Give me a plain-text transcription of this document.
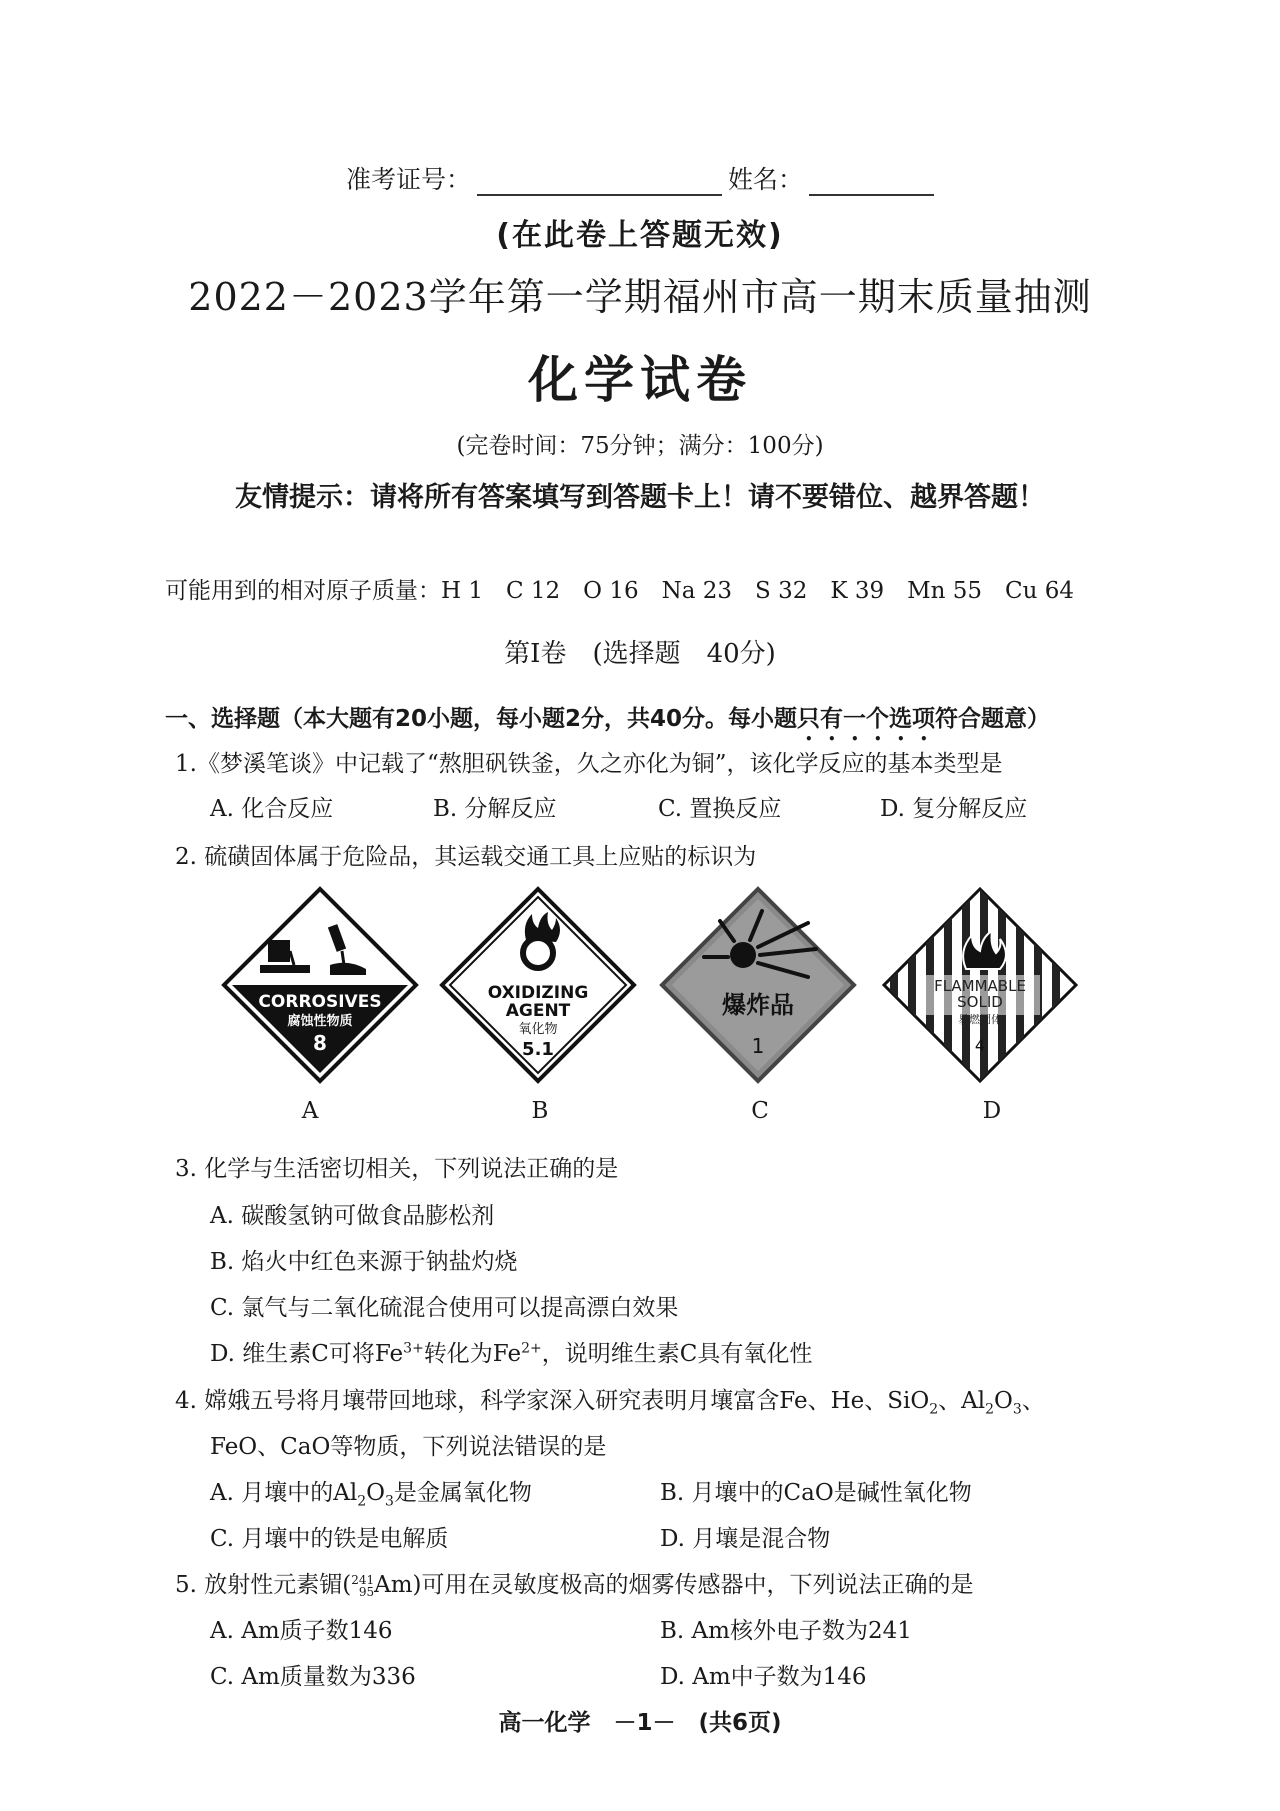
准考证号：	姓名：
(在此卷上答题无效)
2022－2023学年第一学期福州市高一期末质量抽测
化学试卷
(完卷时间：75分钟；满分：100分)
友情提示：请将所有答案填写到答题卡上！请不要错位、越界答题！
可能用到的相对原子质量：H 1　C 12　O 16　Na 23　S 32　K 39　Mn 55　Cu 64
第Ⅰ卷　(选择题　40分)
一、选择题（本大题有20小题，每小题2分，共40分。每小题只有一个选项符合题意）
1.《梦溪笔谈》中记载了“熬胆矾铁釜，久之亦化为铜”，该化学反应的基本类型是
A. 化合反应	B. 分解反应	C. 置换反应	D. 复分解反应
2. 硫磺固体属于危险品，其运载交通工具上应贴的标识为
CORROSIVES
腐蚀性物质
8
OXIDIZING
AGENT
氧化物
5.1
爆炸品
1
FLAMMABLE
SOLID
易燃固体
4
A	B	C	D
3. 化学与生活密切相关，下列说法正确的是
A. 碳酸氢钠可做食品膨松剂
B. 焰火中红色来源于钠盐灼烧
C. 氯气与二氧化硫混合使用可以提高漂白效果
D. 维生素C可将$Fe^{3+}$转化为$Fe^{2+}$，说明维生素C具有氧化性
4. 嫦娥五号将月壤带回地球，科学家深入研究表明月壤富含Fe、He、SiO$_2$、$Al_2O_3$、
FeO、CaO等物质，下列说法错误的是
A. 月壤中的$Al_2O_3$是金属氧化物	B. 月壤中的CaO是碱性氧化物
C. 月壤中的铁是电解质	D. 月壤是混合物
5. 放射性元素镅( 241
95 Am)可用在灵敏度极高的烟雾传感器中，下列说法正确的是
A. Am质子数146	B. Am核外电子数为241
C. Am质量数为336	D. Am中子数为146
高一化学　－1－　(共6页)
